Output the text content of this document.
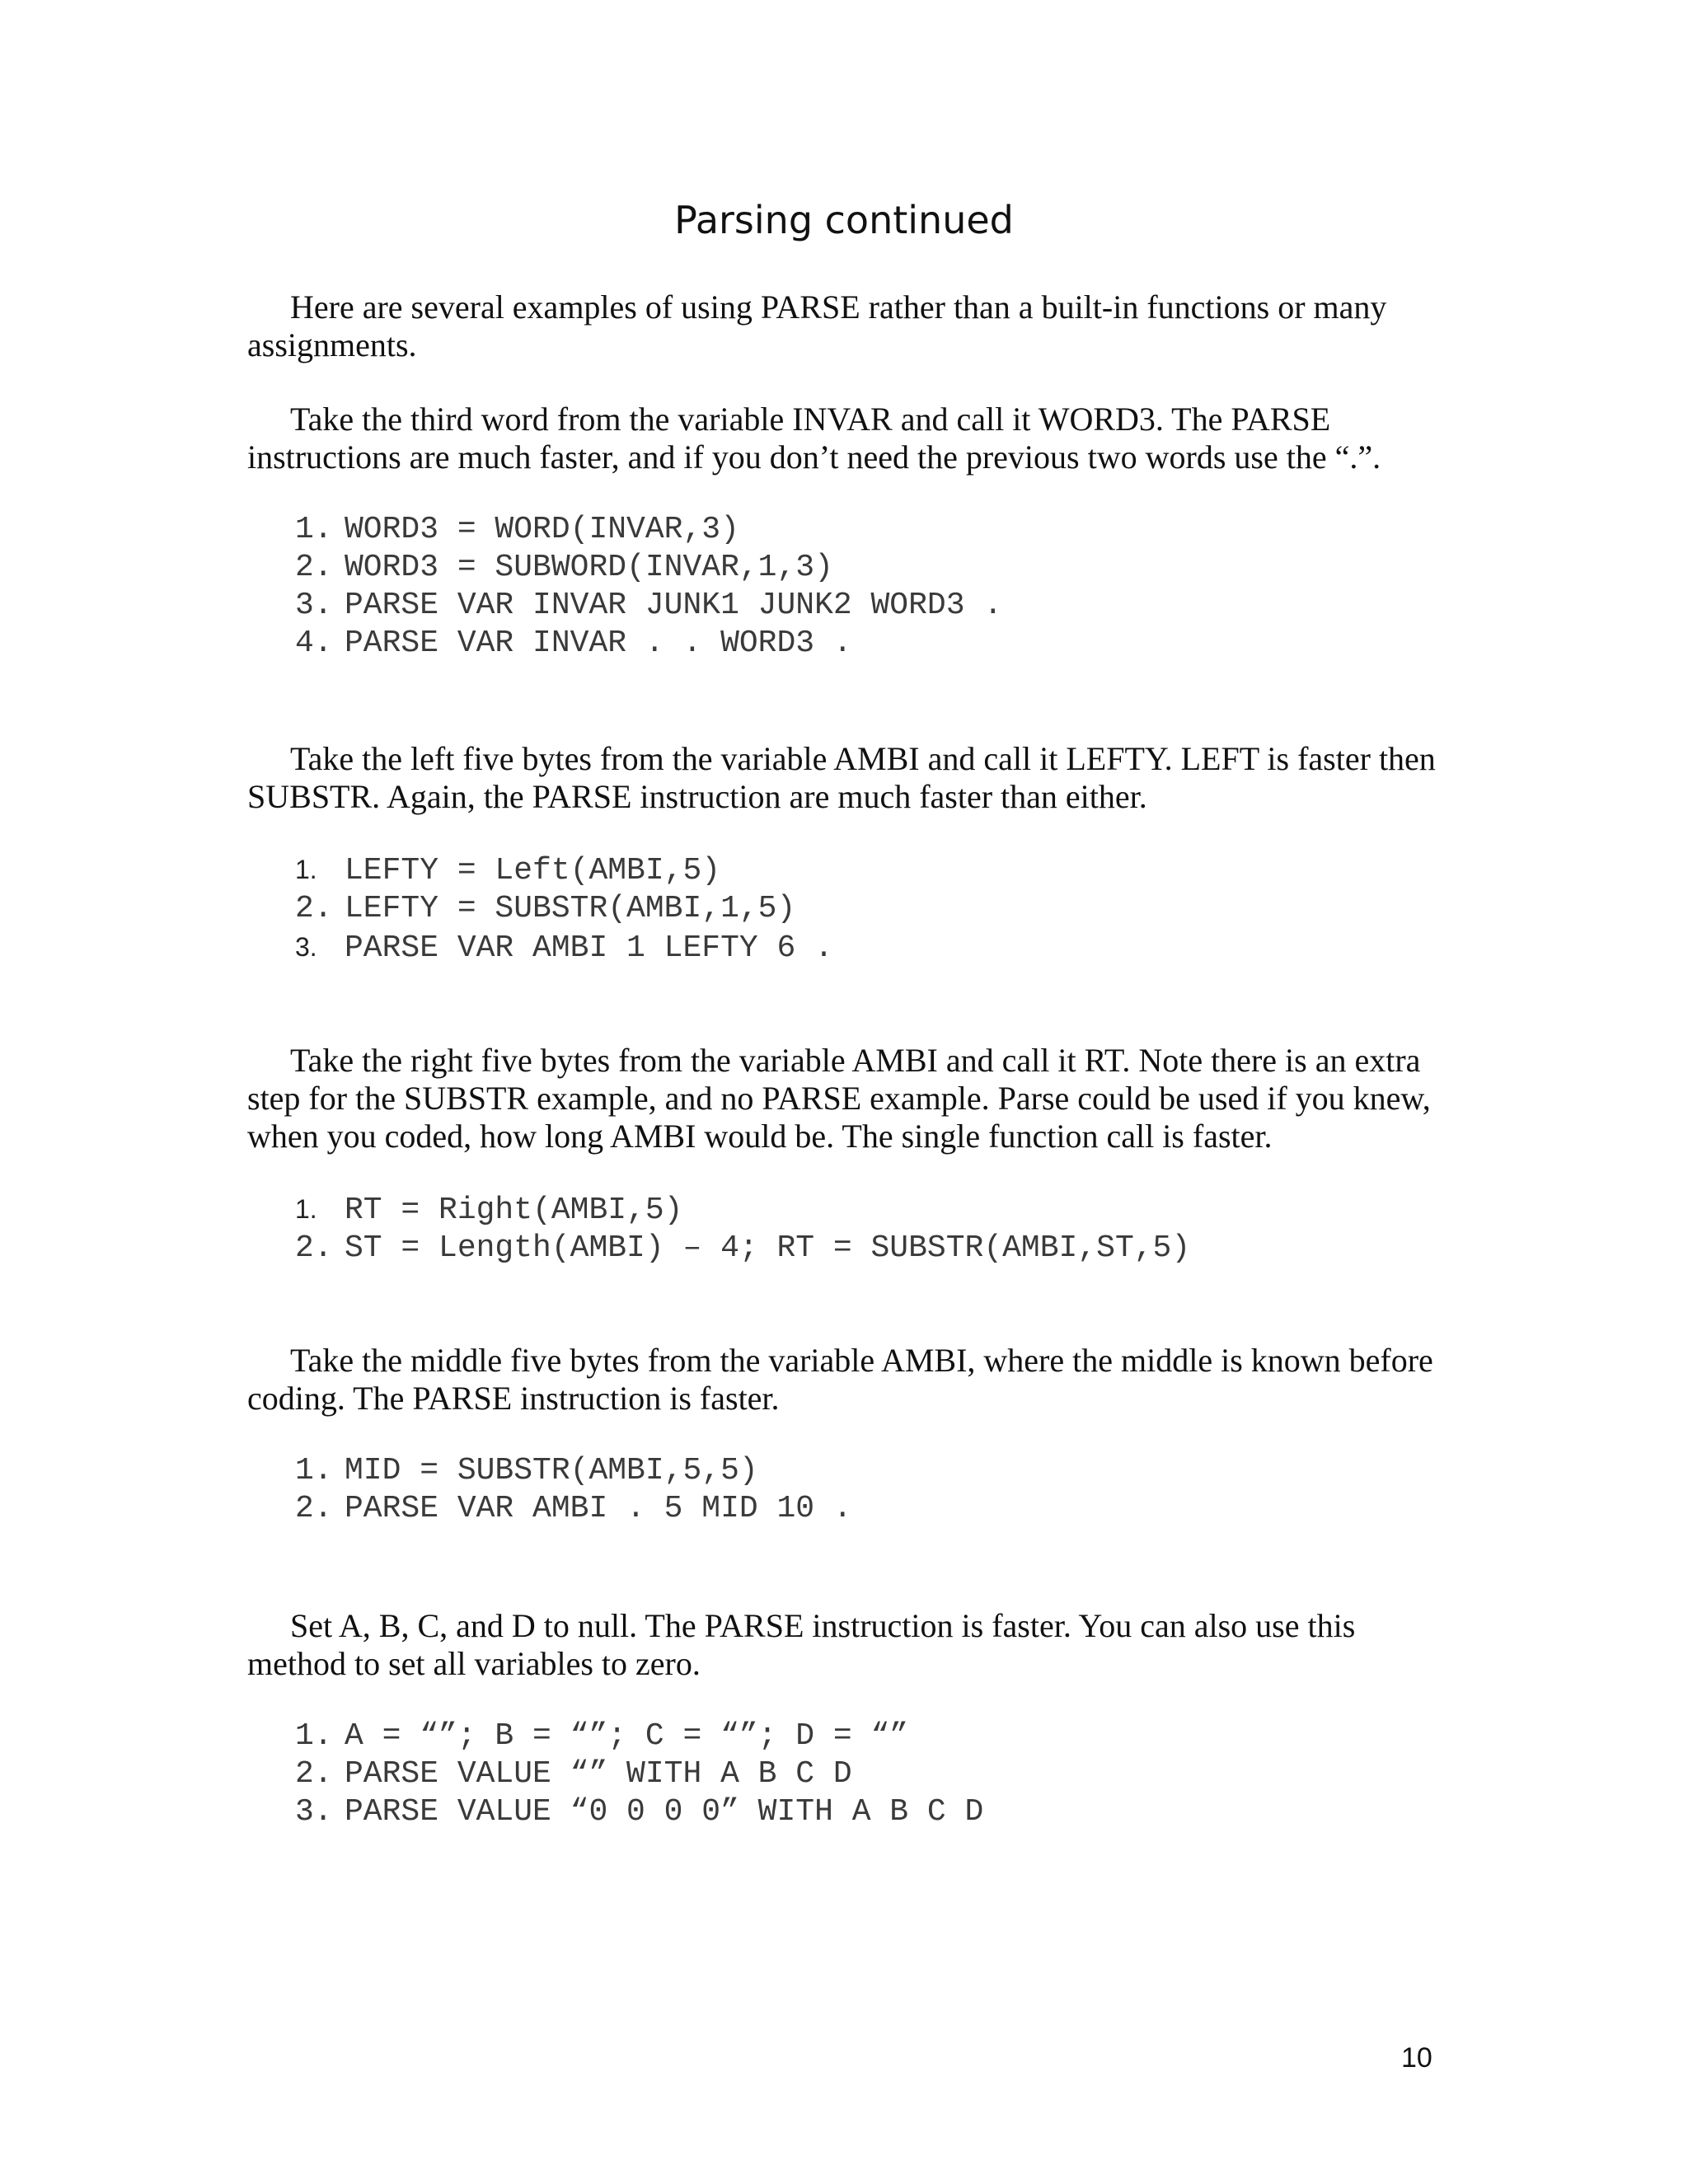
Parsing continued

Here are several examples of using PARSE rather than a built-in functions or many assignments.

Take the third word from the variable INVAR and call it WORD3. The PARSE instructions are much faster, and if you don’t need the previous two words use the “.”.

1. WORD3 = WORD(INVAR,3)
2. WORD3 = SUBWORD(INVAR,1,3)
3. PARSE VAR INVAR JUNK1 JUNK2 WORD3 .
4. PARSE VAR INVAR . . WORD3 .

Take the left five bytes from the variable AMBI and call it LEFTY. LEFT is faster then SUBSTR. Again, the PARSE instruction are much faster than either.

1. LEFTY = Left(AMBI,5)
2. LEFTY = SUBSTR(AMBI,1,5)
3. PARSE VAR AMBI 1 LEFTY 6 .

Take the right five bytes from the variable AMBI and call it RT. Note there is an extra step for the SUBSTR example, and no PARSE example. Parse could be used if you knew, when you coded, how long AMBI would be. The single function call is faster.

1. RT = Right(AMBI,5)
2. ST = Length(AMBI) – 4; RT = SUBSTR(AMBI,ST,5)

Take the middle five bytes from the variable AMBI, where the middle is known before coding. The PARSE instruction is faster.

1. MID = SUBSTR(AMBI,5,5)
2. PARSE VAR AMBI . 5 MID 10 .

Set A, B, C, and D to null. The PARSE instruction is faster. You can also use this method to set all variables to zero.

1. A = “”; B = “”; C = “”; D = “”
2. PARSE VALUE “” WITH A B C D
3. PARSE VALUE “0 0 0 0” WITH A B C D
10
